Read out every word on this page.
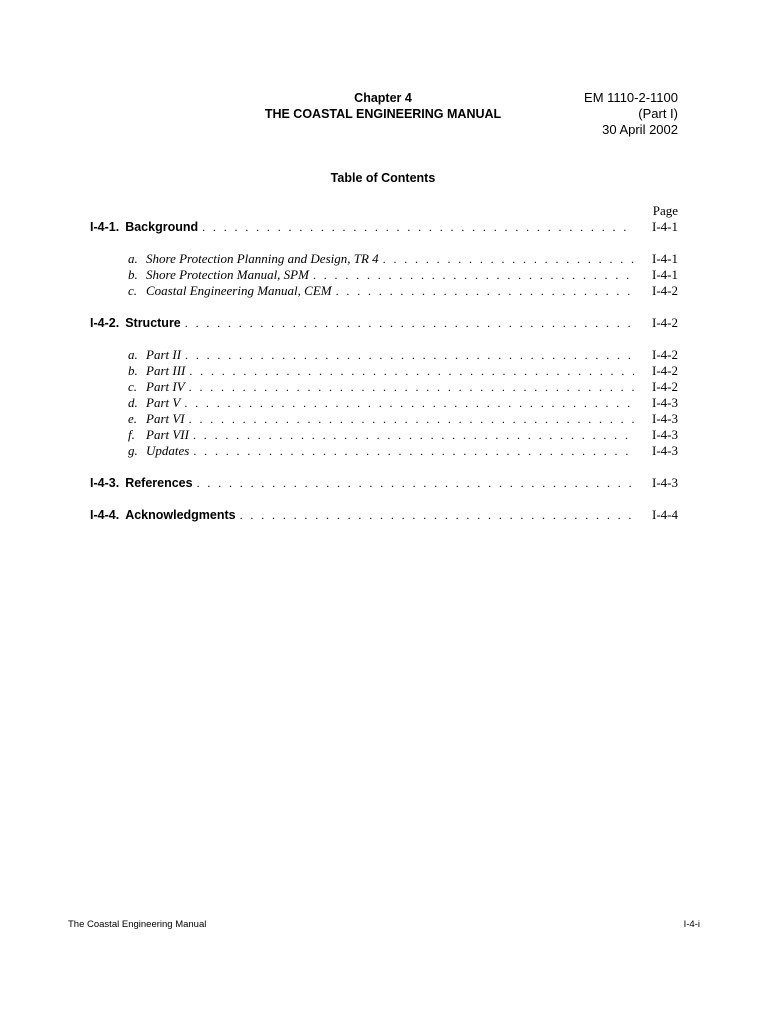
Chapter 4
THE COASTAL ENGINEERING MANUAL
EM 1110-2-1100
(Part I)
30 April 2002
Table of Contents
Page
I-4-1. Background . . .	I-4-1
a. Shore Protection Planning and Design, TR 4 . . .	I-4-1
b. Shore Protection Manual, SPM . . .	I-4-1
c. Coastal Engineering Manual, CEM . . .	I-4-2
I-4-2. Structure . . .	I-4-2
a. Part II . . .	I-4-2
b. Part III . . .	I-4-2
c. Part IV . . .	I-4-2
d. Part V . . .	I-4-3
e. Part VI . . .	I-4-3
f. Part VII . . .	I-4-3
g. Updates . . .	I-4-3
I-4-3. References . . .	I-4-3
I-4-4. Acknowledgments . . .	I-4-4
The Coastal Engineering Manual	I-4-i
